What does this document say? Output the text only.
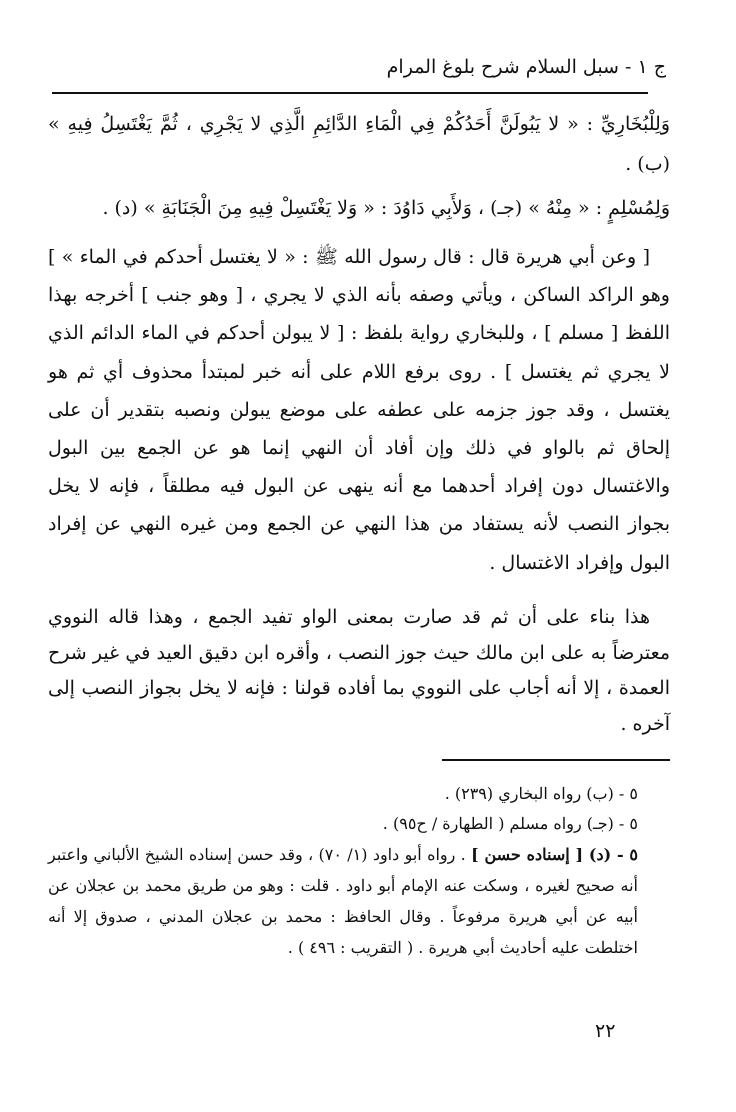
ج ١ - سبل السلام شرح بلوغ المرام

وَلِلْبُخَارِيِّ : « لا يَبُولَنَّ أَحَدُكُمْ فِي الْمَاءِ الدَّائِمِ الَّذِي لا يَجْرِي ، ثُمَّ يَغْتَسِلُ فِيهِ » (ب) .

وَلِمُسْلِمٍ : « مِنْهُ » (جـ) ، وَلأَبِي دَاوُدَ : « وَلا يَغْتَسِلْ فِيهِ مِنَ الْجَنَابَةِ » (د) .

[ وعن أبي هريرة قال : قال رسول الله ﷺ : « لا يغتسل أحدكم في الماء » ] وهو الراكد الساكن ، ويأتي وصفه بأنه الذي لا يجري ، [ وهو جنب ] أخرجه بهذا اللفظ [ مسلم ] ، وللبخاري رواية بلفظ : [ لا يبولن أحدكم في الماء الدائم الذي لا يجري ثم يغتسل ] . روى برفع اللام على أنه خبر لمبتدأ محذوف أي ثم هو يغتسل ، وقد جوز جزمه على عطفه على موضع يبولن ونصبه بتقدير أن على إلحاق ثم بالواو في ذلك وإن أفاد أن النهي إنما هو عن الجمع بين البول والاغتسال دون إفراد أحدهما مع أنه ينهى عن البول فيه مطلقاً ، فإنه لا يخل بجواز النصب لأنه يستفاد من هذا النهي عن الجمع ومن غيره النهي عن إفراد البول وإفراد الاغتسال .

هذا بناء على أن ثم قد صارت بمعنى الواو تفيد الجمع ، وهذا قاله النووي معترضاً به على ابن مالك حيث جوز النصب ، وأقره ابن دقيق العيد في غير شرح العمدة ، إلا أنه أجاب على النووي بما أفاده قولنا : فإنه لا يخل بجواز النصب إلى آخره .

٥ - (ب) رواه البخاري (٢٣٩) .
٥ - (جـ) رواه مسلم ( الطهارة / ح٩٥) .

٥ - (د) [ إسناده حسن ] . رواه أبو داود (١/ ٧٠) ، وقد حسن إسناده الشيخ الألباني واعتبر أنه صحيح لغيره ، وسكت عنه الإمام أبو داود . قلت : وهو من طريق محمد بن عجلان عن أبيه عن أبي هريرة مرفوعاً . وقال الحافظ : محمد بن عجلان المدني ، صدوق إلا أنه اختلطت عليه أحاديث أبي هريرة . ( التقريب : ٤٩٦ ) .

٢٢
